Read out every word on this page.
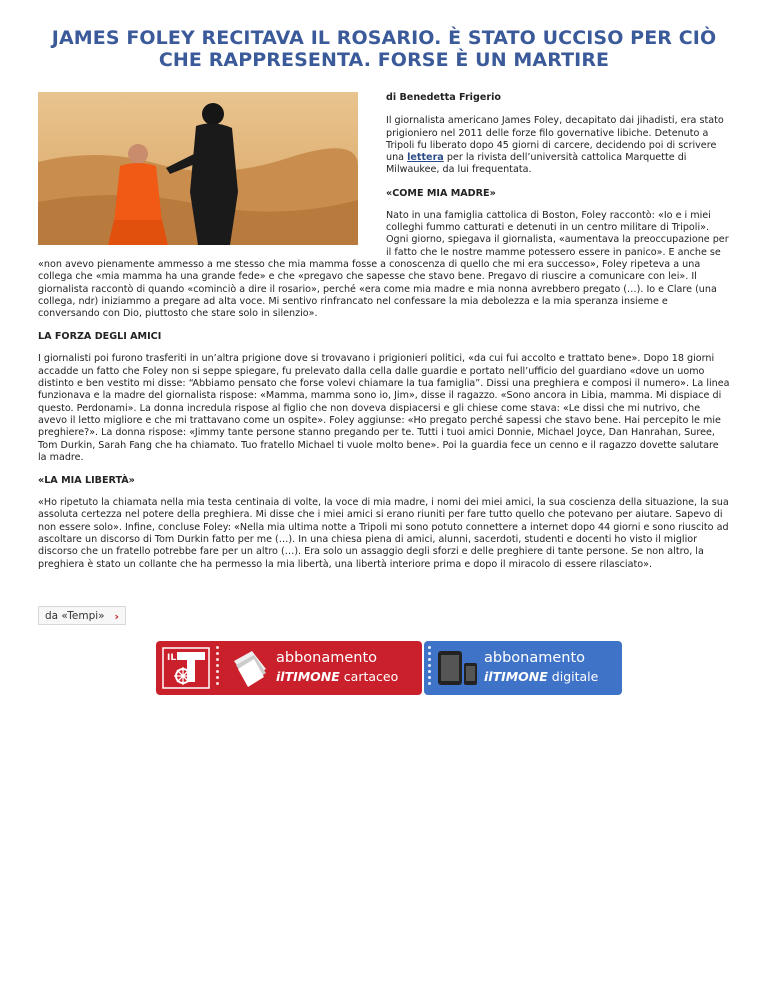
JAMES FOLEY RECITAVA IL ROSARIO. È STATO UCCISO PER CIÒ CHE RAPPRESENTA. FORSE È UN MARTIRE

di Benedetta Frigerio

Il giornalista americano James Foley, decapitato dai jihadisti, era stato prigioniero nel 2011 delle forze filo governative libiche. Detenuto a Tripoli fu liberato dopo 45 giorni di carcere, decidendo poi di scrivere una lettera per la rivista dell’università cattolica Marquette di Milwaukee, da lui frequentata.

«COME MIA MADRE»

Nato in una famiglia cattolica di Boston, Foley raccontò: «Io e i miei colleghi fummo catturati e detenuti in un centro militare di Tripoli». Ogni giorno, spiegava il giornalista, «aumentava la preoccupazione per il fatto che le nostre mamme potessero essere in panico». E anche se «non avevo pienamente ammesso a me stesso che mia mamma fosse a conoscenza di quello che mi era successo», Foley ripeteva a una collega che «mia mamma ha una grande fede» e che «pregavo che sapesse che stavo bene. Pregavo di riuscire a comunicare con lei». Il giornalista raccontò di quando «cominciò a dire il rosario», perché «era come mia madre e mia nonna avrebbero pregato (…). Io e Clare (una collega, ndr) iniziammo a pregare ad alta voce. Mi sentivo rinfrancato nel confessare la mia debolezza e la mia speranza insieme e conversando con Dio, piuttosto che stare solo in silenzio».

LA FORZA DEGLI AMICI

I giornalisti poi furono trasferiti in un’altra prigione dove si trovavano i prigionieri politici, «da cui fui accolto e trattato bene». Dopo 18 giorni accadde un fatto che Foley non si seppe spiegare, fu prelevato dalla cella dalle guardie e portato nell’ufficio del guardiano «dove un uomo distinto e ben vestito mi disse: “Abbiamo pensato che forse volevi chiamare la tua famiglia”. Dissi una preghiera e composi il numero». La linea funzionava e la madre del giornalista rispose: «Mamma, mamma sono io, Jim», disse il ragazzo. «Sono ancora in Libia, mamma. Mi dispiace di questo. Perdonami». La donna incredula rispose al figlio che non doveva dispiacersi e gli chiese come stava: «Le dissi che mi nutrivo, che avevo il letto migliore e che mi trattavano come un ospite». Foley aggiunse: «Ho pregato perché sapessi che stavo bene. Hai percepito le mie preghiere?». La donna rispose: «Jimmy tante persone stanno pregando per te. Tutti i tuoi amici Donnie, Michael Joyce, Dan Hanrahan, Suree, Tom Durkin, Sarah Fang che ha chiamato. Tuo fratello Michael ti vuole molto bene». Poi la guardia fece un cenno e il ragazzo dovette salutare la madre.

«LA MIA LIBERTÀ»

«Ho ripetuto la chiamata nella mia testa centinaia di volte, la voce di mia madre, i nomi dei miei amici, la sua coscienza della situazione, la sua assoluta certezza nel potere della preghiera. Mi disse che i miei amici si erano riuniti per fare tutto quello che potevano per aiutare. Sapevo di non essere solo». Infine, concluse Foley: «Nella mia ultima notte a Tripoli mi sono potuto connettere a internet dopo 44 giorni e sono riuscito ad ascoltare un discorso di Tom Durkin fatto per me (…). In una chiesa piena di amici, alunni, sacerdoti, studenti e docenti ho visto il miglior discorso che un fratello potrebbe fare per un altro (…). Era solo un assaggio degli sforzi e delle preghiere di tante persone. Se non altro, la preghiera è stato un collante che ha permesso la mia libertà, una libertà interiore prima e dopo il miracolo di essere rilasciato».

da «Tempi» ›
IL	abbonamento
ilTIMONE cartaceo
abbonamento
ilTIMONE digitale
